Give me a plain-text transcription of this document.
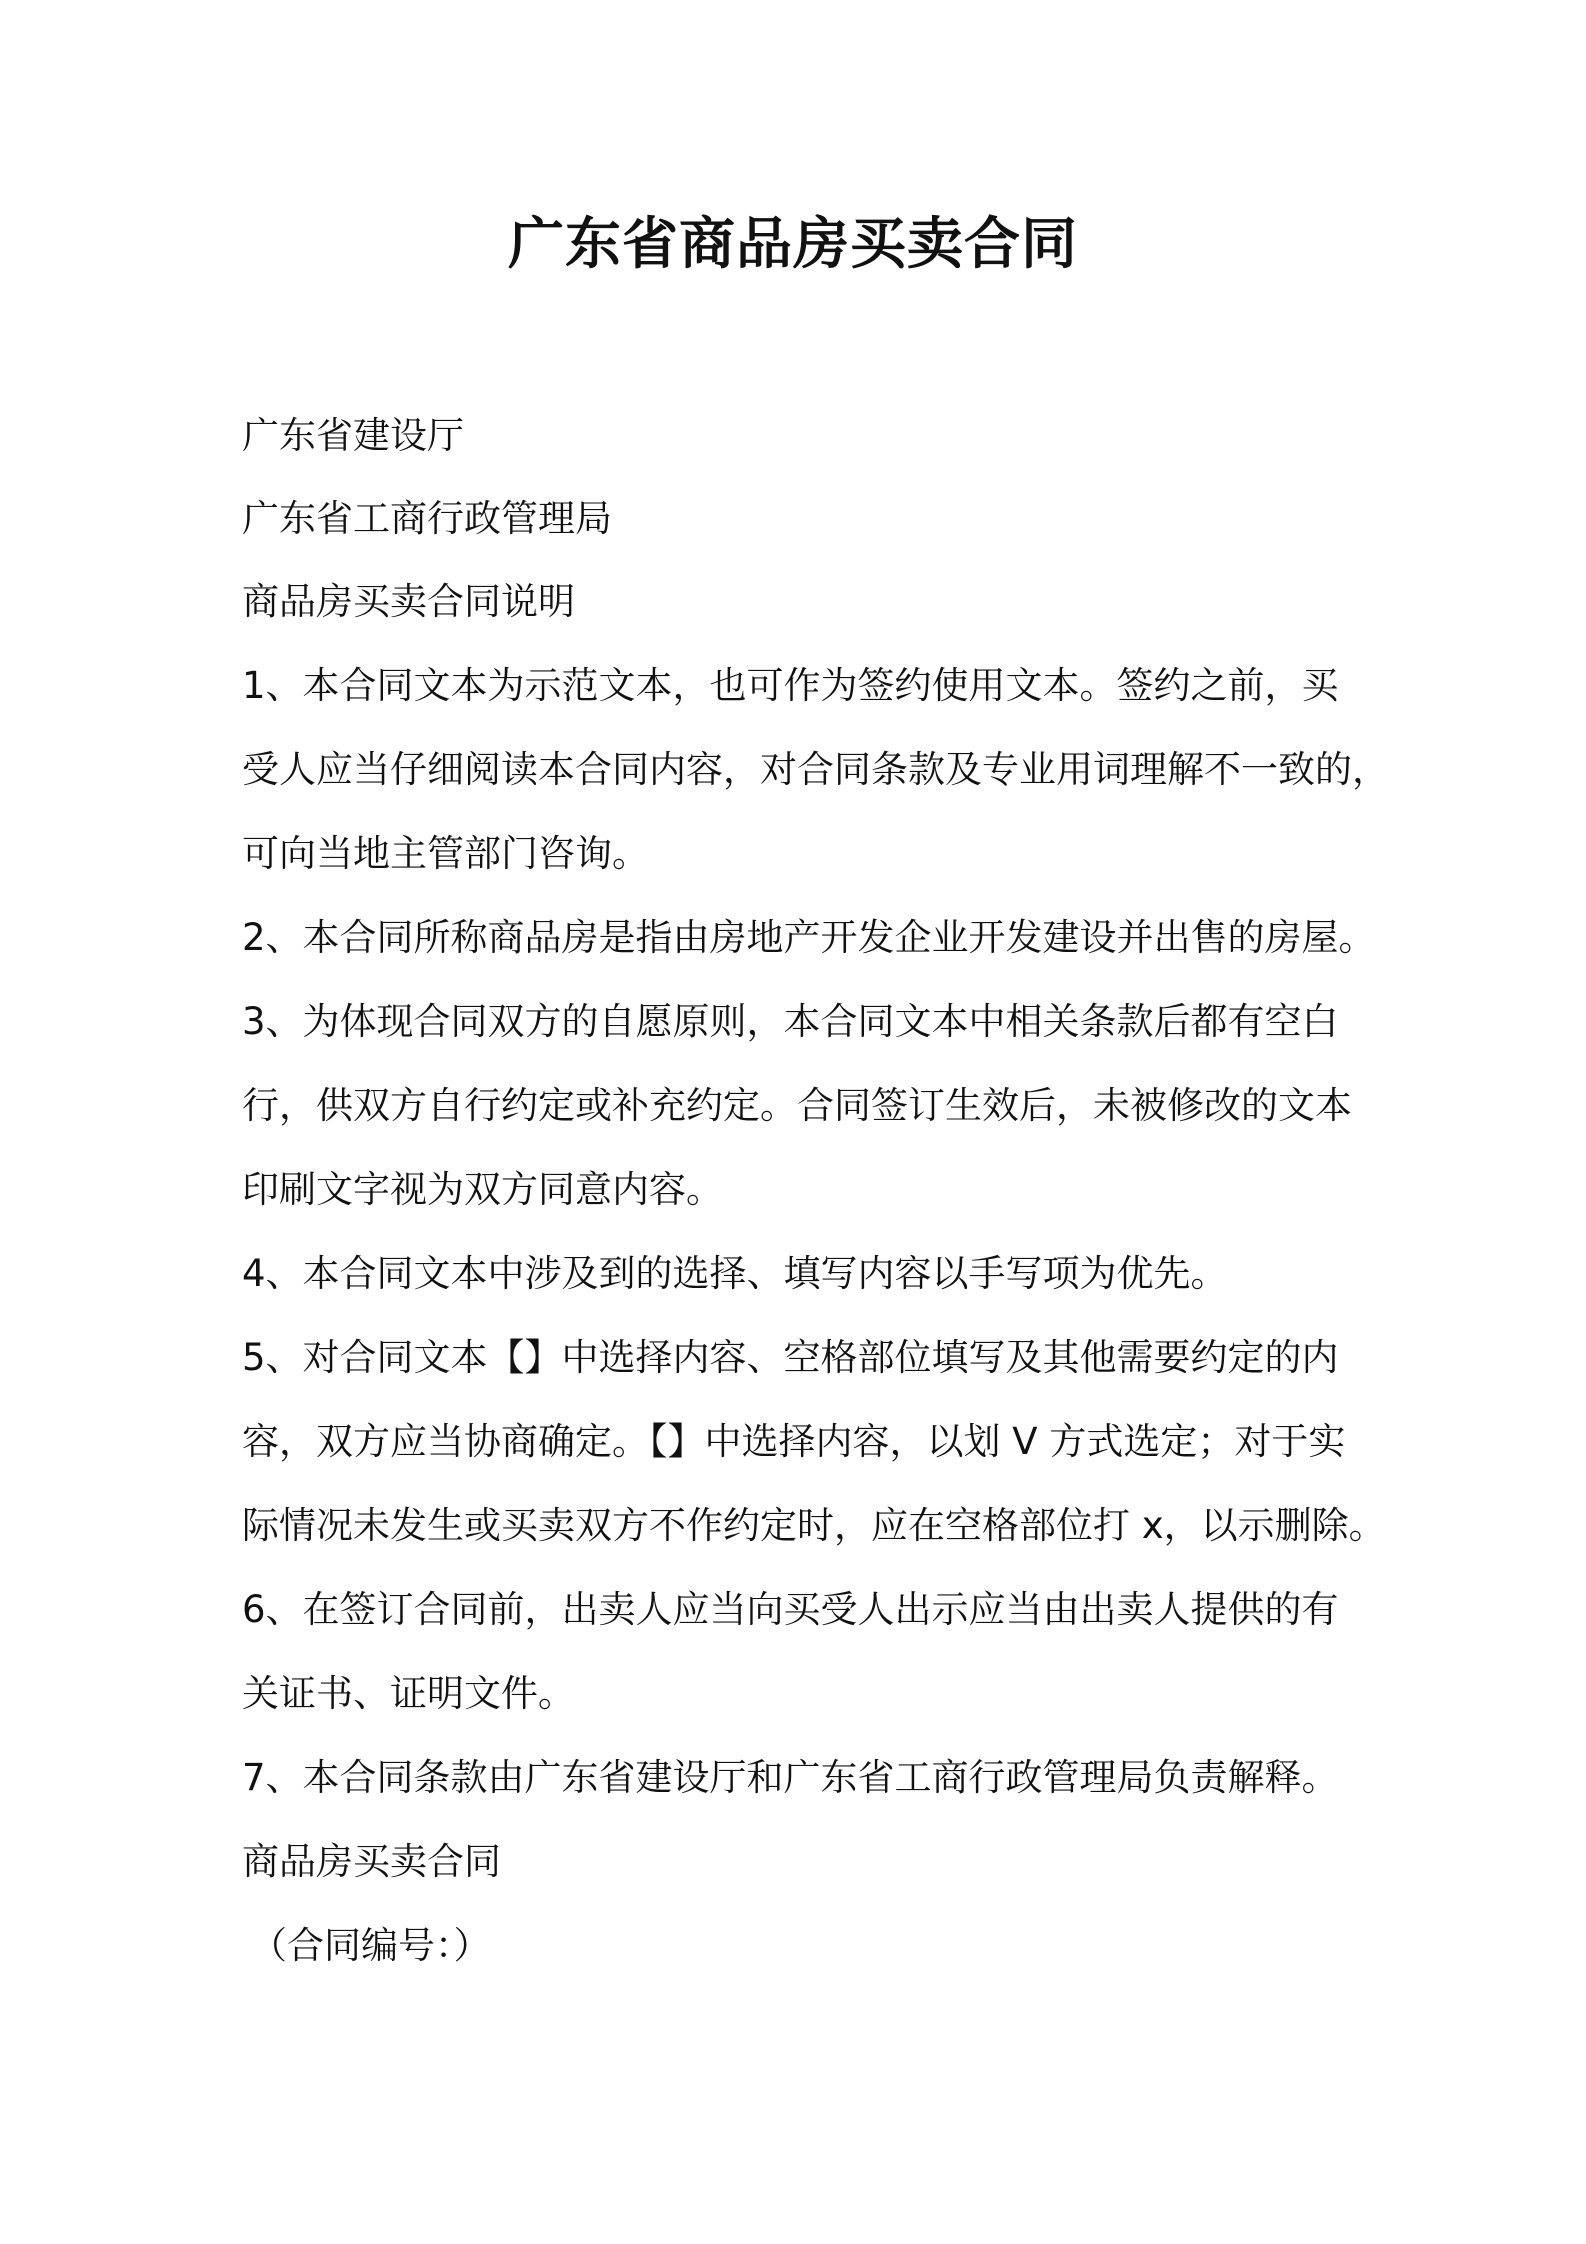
广东省商品房买卖合同
广东省建设厅
广东省工商行政管理局
商品房买卖合同说明
1、本合同文本为示范文本，也可作为签约使用文本。签约之前，买
受人应当仔细阅读本合同内容，对合同条款及专业用词理解不一致的，
可向当地主管部门咨询。
2、本合同所称商品房是指由房地产开发企业开发建设并出售的房屋。
3、为体现合同双方的自愿原则，本合同文本中相关条款后都有空白
行，供双方自行约定或补充约定。合同签订生效后，未被修改的文本
印刷文字视为双方同意内容。
4、本合同文本中涉及到的选择、填写内容以手写项为优先。
5、对合同文本【】中选择内容、空格部位填写及其他需要约定的内
容，双方应当协商确定。【】中选择内容，以划 V 方式选定；对于实
际情况未发生或买卖双方不作约定时，应在空格部位打 x，以示删除。
6、在签订合同前，出卖人应当向买受人出示应当由出卖人提供的有
关证书、证明文件。
7、本合同条款由广东省建设厅和广东省工商行政管理局负责解释。
商品房买卖合同
（合同编号：）
